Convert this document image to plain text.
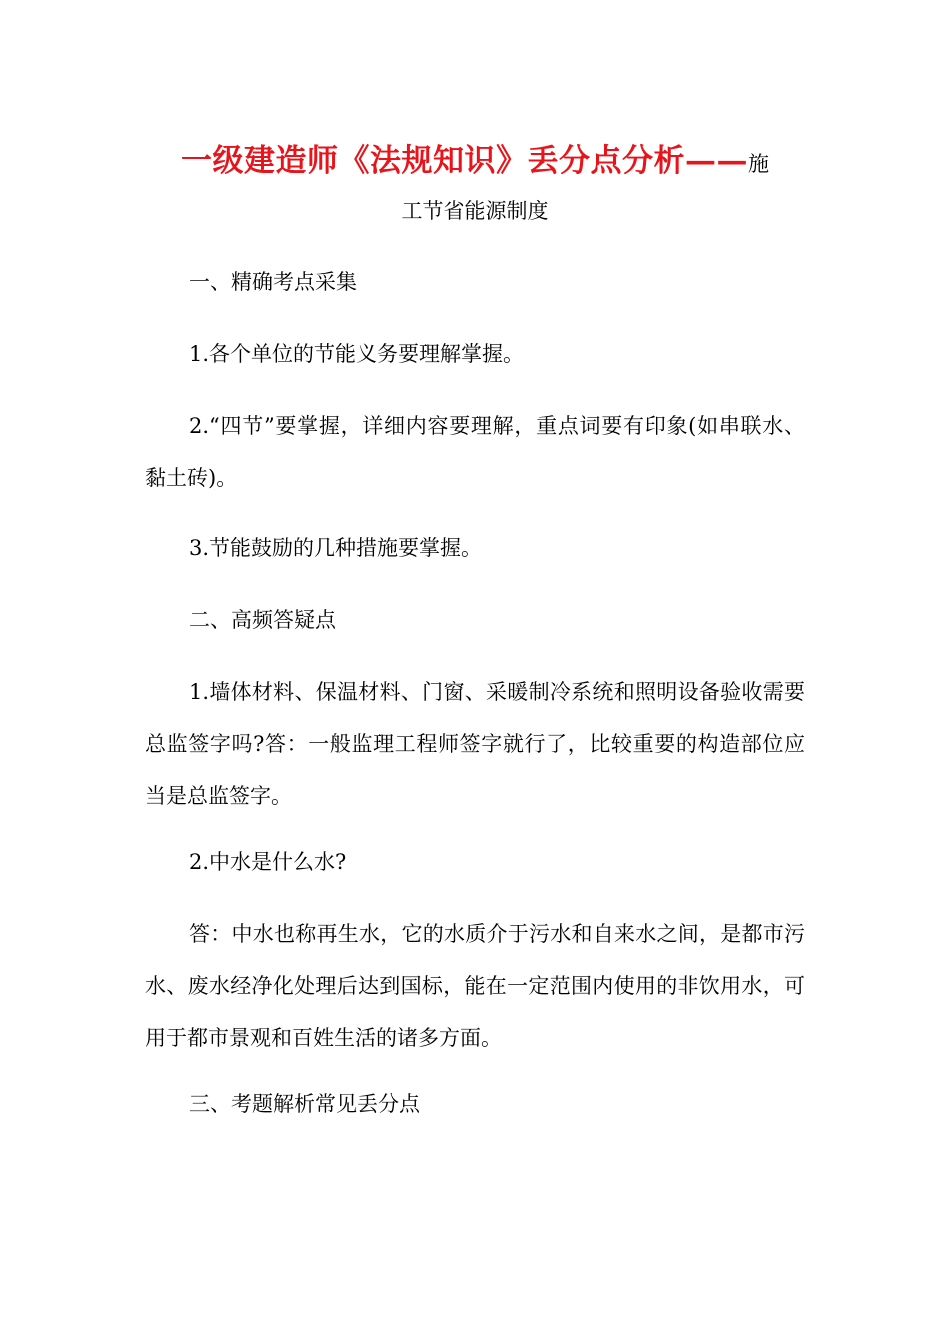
一级建造师《法规知识》丢分点分析——施
工节省能源制度

一、精确考点采集

1.各个单位的节能义务要理解掌握。

2.“四节”要掌握，详细内容要理解，重点词要有印象(如串联水、黏土砖)。

3.节能鼓励的几种措施要掌握。

二、高频答疑点

1.墙体材料、保温材料、门窗、采暖制冷系统和照明设备验收需要总监签字吗?答：一般监理工程师签字就行了，比较重要的构造部位应当是总监签字。

2.中水是什么水?

答：中水也称再生水，它的水质介于污水和自来水之间，是都市污水、废水经净化处理后达到国标，能在一定范围内使用的非饮用水，可用于都市景观和百姓生活的诸多方面。

三、考题解析常见丢分点
